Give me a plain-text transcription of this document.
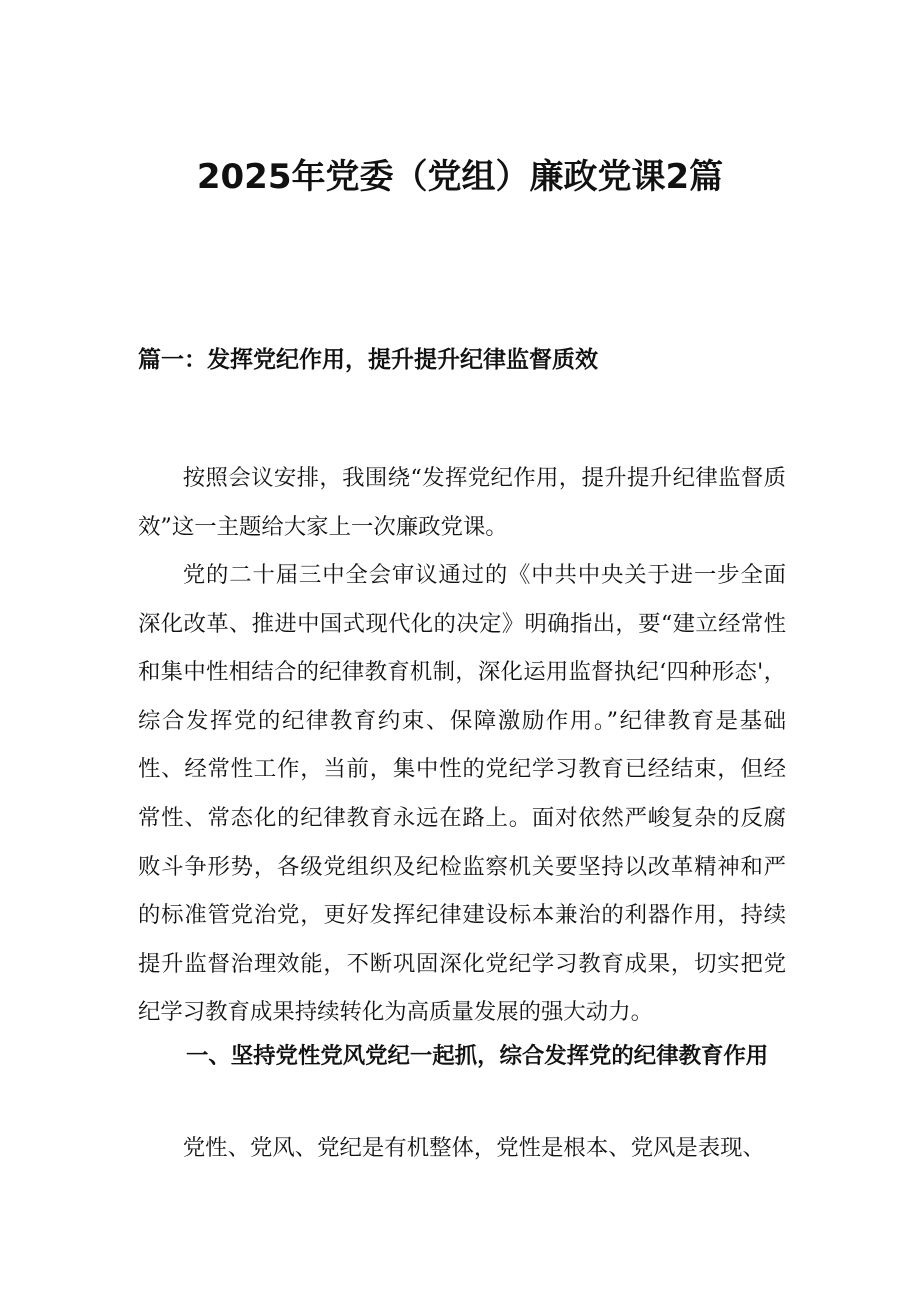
2025年党委（党组）廉政党课2篇
篇一：发挥党纪作用，提升提升纪律监督质效

按照会议安排，我围绕“发挥党纪作用，提升提升纪律监督质效”这一主题给大家上一次廉政党课。

党的二十届三中全会审议通过的《中共中央关于进一步全面深化改革、推进中国式现代化的决定》明确指出，要“建立经常性和集中性相结合的纪律教育机制，深化运用监督执纪‘四种形态'，综合发挥党的纪律教育约束、保障激励作用。”纪律教育是基础性、经常性工作，当前，集中性的党纪学习教育已经结束，但经常性、常态化的纪律教育永远在路上。面对依然严峻复杂的反腐败斗争形势，各级党组织及纪检监察机关要坚持以改革精神和严的标准管党治党，更好发挥纪律建设标本兼治的利器作用，持续提升监督治理效能，不断巩固深化党纪学习教育成果，切实把党纪学习教育成果持续转化为高质量发展的强大动力。

一、坚持党性党风党纪一起抓，综合发挥党的纪律教育作用

党性、党风、党纪是有机整体，党性是根本、党风是表现、
